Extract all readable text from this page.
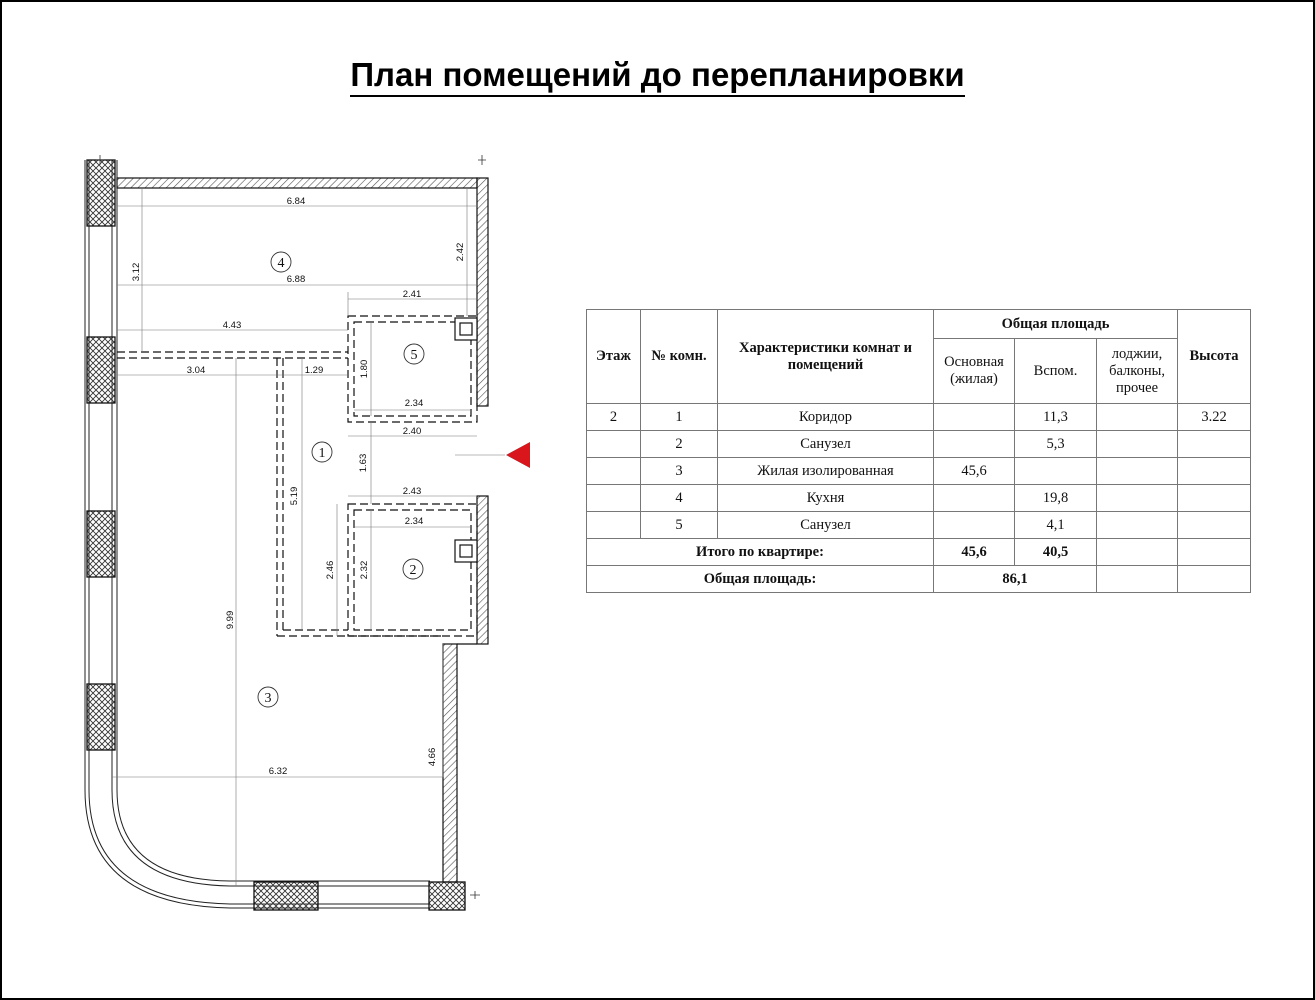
План помещений до перепланировки
6.84
3.12
2.42
6.88
2.41
4.43
3.04	1.29	1.80
2.34
2.40
1.63
5.19	2.43
2.34
2.46 2.32
9.99
6.32
4.66
4
5
1
2
3
Этаж	№ комн.	Характеристики комнат и помещений	Общая площадь			Высота
			Основная (жилая)	Вспом.	лоджии, балконы, прочее	
2	1	Коридор		11,3		3.22
	2	Санузел		5,3		
	3	Жилая изолированная	45,6			
	4	Кухня		19,8		
	5	Санузел		4,1		
Итого по квартире:			45,6	40,5		
Общая площадь:			86,1			
